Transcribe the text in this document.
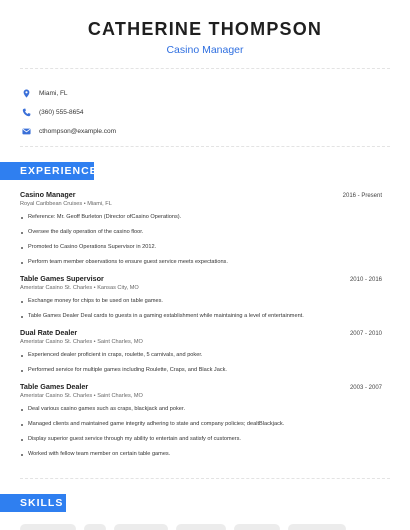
CATHERINE THOMPSON
Casino Manager
Miami, FL
(360) 555-8654
cthompson@example.com
EXPERIENCE
Casino Manager	2016 - Present
Royal Caribbean Cruises • Miami, FL
Reference: Mr. Geoff Burleton (Director ofCasino Operations).
Oversee the daily operation of the casino floor.
Promoted to Casino Operations Supervisor in 2012.
Perform team member observations to ensure guest service meets expectations.
Table Games Supervisor	2010 - 2016
Ameristar Casino St. Charles • Kansas City, MO
Exchange money for chips to be used on table games.
Table Games Dealer Deal cards to guests in a gaming establishment while maintaining a level of entertainment.
Dual Rate Dealer	2007 - 2010
Ameristar Casino St. Charles • Saint Charles, MO
Experienced dealer proficient in craps, roulette, 5 carnivals, and poker.
Performed service for multiple games including Roulette, Craps, and Black Jack.
Table Games Dealer	2003 - 2007
Ameristar Casino St. Charles • Saint Charles, MO
Deal various casino games such as craps, blackjack and poker.
Managed clients and maintained game integrity adhering to state and company policies; dealtBlackjack.
Display superior guest service through my ability to entertain and satisfy of customers.
Worked with fellow team member on certain table games.
SKILLS
